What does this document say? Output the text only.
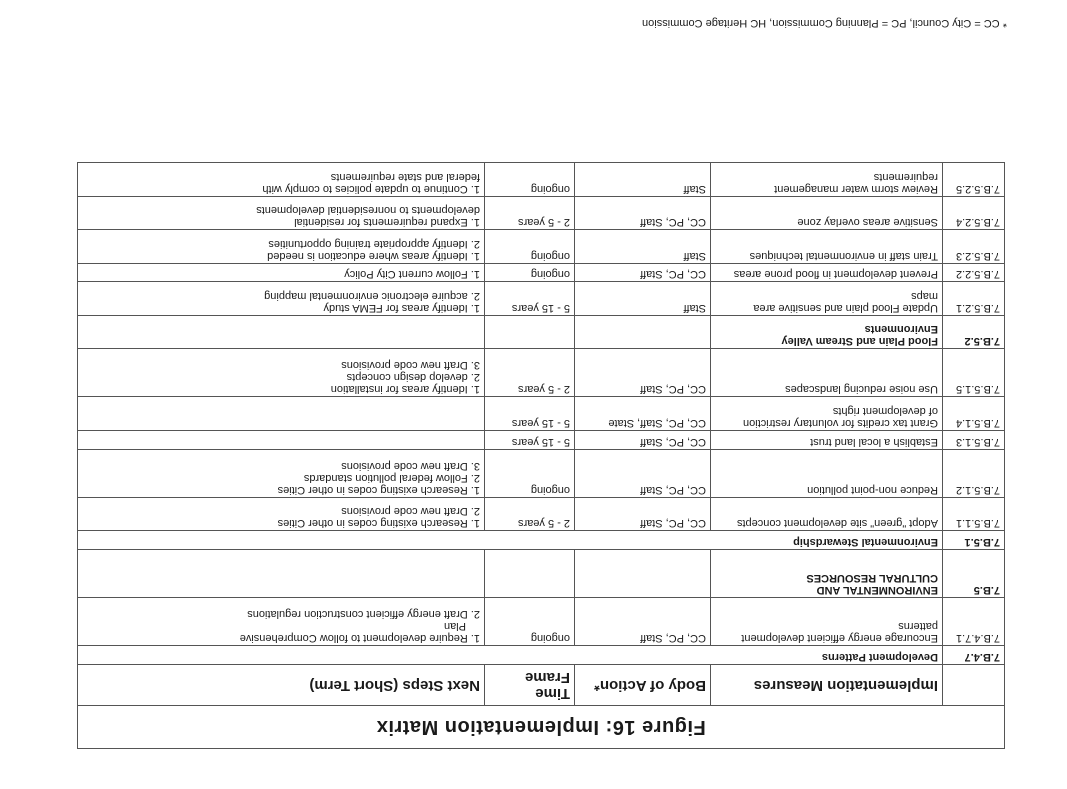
Figure 16: Implementation Matrix				
	Implementation Measures	Body of Action*	Time Frame	Next Steps (Short Term)
7.B.4.7	Development Patterns			
7.B.4.7.1	Encourage energy efficient development
patterns	CC, PC, Staff	ongoing	1. Require development to follow Comprehensive
Plan
2. Draft energy efficient construction regulations

7.B.5	ENVIRONMENTAL AND
CULTURAL RESOURCES			

7.B.5.1	Environmental Stewardship			
7.B.5.1.1	Adopt "green" site development concepts	CC, PC, Staff	2 - 5 years	1. Research existing codes in other Cities
2. Draft new code provisions

7.B.5.1.2	Reduce non-point pollution	CC, PC, Staff	ongoing	1. Research existing codes in other Cities
2. Follow federal pollution standards
3. Draft new code provisions

7.B.5.1.3	Establish a local land trust	CC, PC, Staff	5 - 15 years	
7.B.5.1.4	Grant tax credits for voluntary restriction
of development rights	CC, PC, Staff, State	5 - 15 years	
7.B.5.1.5	Use noise reducing landscapes	CC, PC, Staff	2 - 5 years	1. Identify areas for installation
2. develop design concepts
3. Draft new code provisions

7.B.5.2	Flood Plain and Stream Valley
Environments			

7.B.5.2.1	Update Flood plain and sensitive area
maps	Staff	5 - 15 years	1. Identify areas for FEMA study
2. acquire electronic environmental mapping

7.B.5.2.2	Prevent development in flood prone areas	CC, PC, Staff	ongoing	1. Follow current City Policy

7.B.5.2.3	Train staff in environmental techniques	Staff	ongoing	1. Identify areas where education is needed
2. Identify appropriate training opportunities

7.B.5.2.4	Sensitive areas overlay zone	CC, PC, Staff	2 - 5 years	1. Expand requirements for residential
developments to nonresidential developments

7.B.5.2.5	Review storm water management
requirements	Staff	ongoing	1. Continue to update policies to comply with
federal and state requirements
* CC = City Council, PC = Planning Commission, HC Heritage Commission
